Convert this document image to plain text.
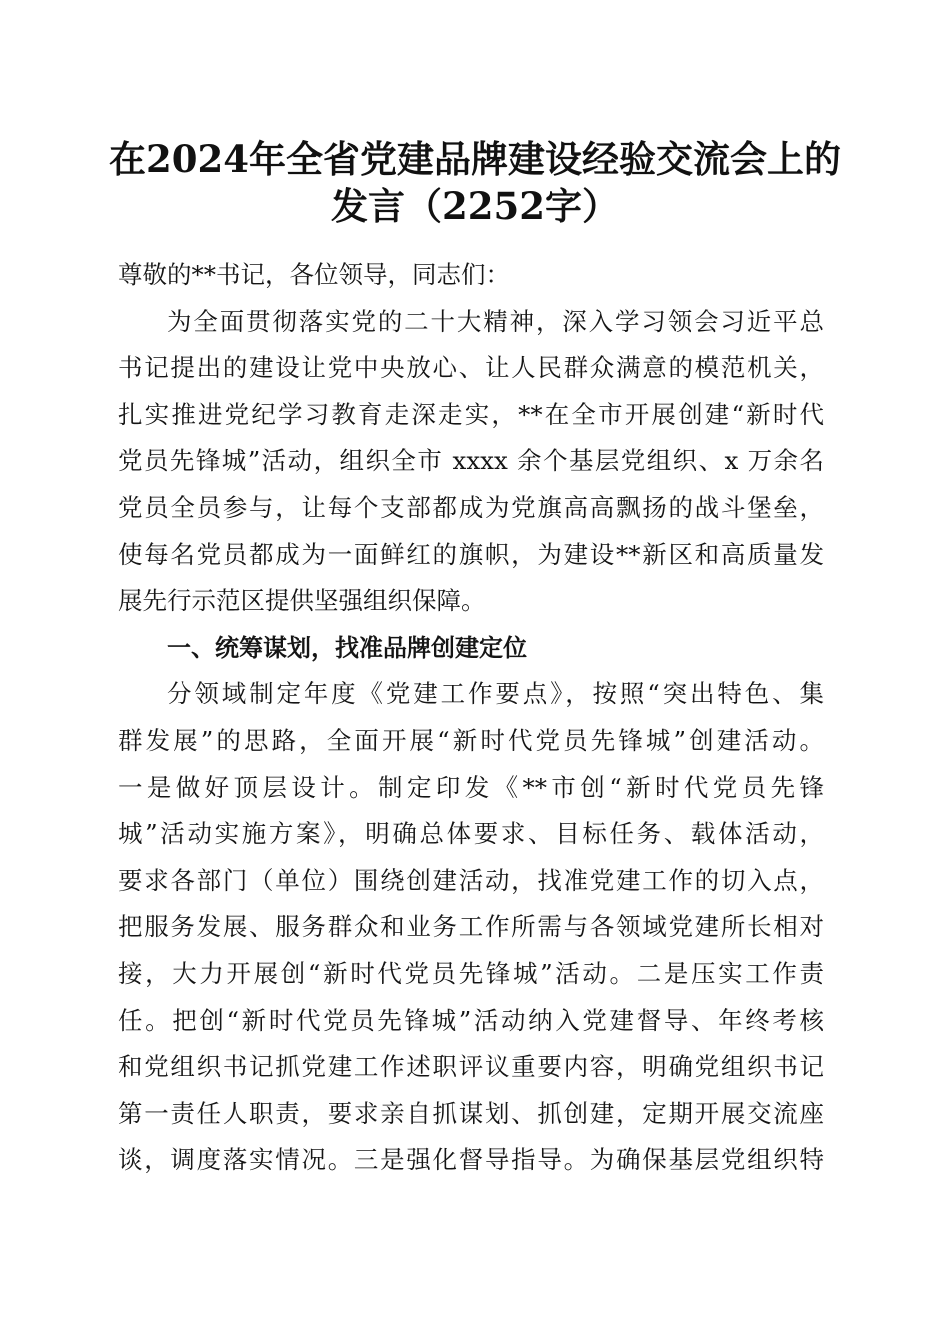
在2024年全省党建品牌建设经验交流会上的
发言（2252字）
尊敬的**书记，各位领导，同志们：
为全面贯彻落实党的二十大精神，深入学习领会习近平总
书记提出的建设让党中央放心、让人民群众满意的模范机关，
扎实推进党纪学习教育走深走实，**在全市开展创建“新时代
党员先锋城”活动，组织全市 xxxx 余个基层党组织、x 万余名
党员全员参与，让每个支部都成为党旗高高飘扬的战斗堡垒，
使每名党员都成为一面鲜红的旗帜，为建设**新区和高质量发
展先行示范区提供坚强组织保障。
一、统筹谋划，找准品牌创建定位
分领域制定年度《党建工作要点》，按照“突出特色、集
群发展”的思路，全面开展“新时代党员先锋城”创建活动。
一是做好顶层设计。制定印发《**市创“新时代党员先锋
城”活动实施方案》，明确总体要求、目标任务、载体活动，
要求各部门（单位）围绕创建活动，找准党建工作的切入点，
把服务发展、服务群众和业务工作所需与各领域党建所长相对
接，大力开展创“新时代党员先锋城”活动。二是压实工作责
任。把创“新时代党员先锋城”活动纳入党建督导、年终考核
和党组织书记抓党建工作述职评议重要内容，明确党组织书记
第一责任人职责，要求亲自抓谋划、抓创建，定期开展交流座
谈，调度落实情况。三是强化督导指导。为确保基层党组织特
